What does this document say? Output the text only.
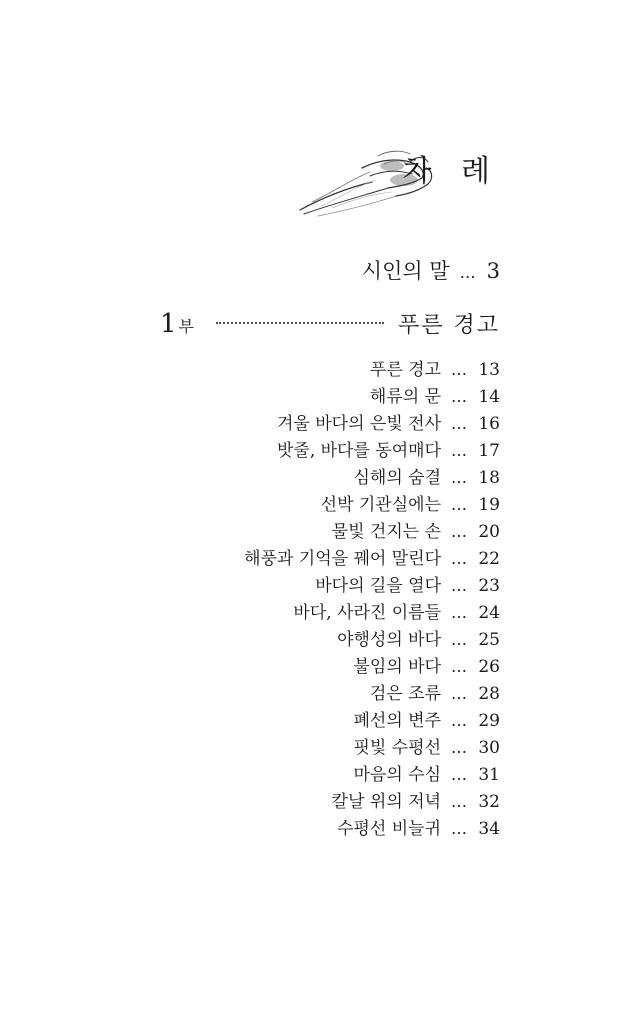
차 례
시인의 말 … 3
1 부	푸른 경고
푸른 경고 … 13
해류의 문 … 14
겨울 바다의 은빛 전사 … 16
밧줄, 바다를 동여매다 … 17
심해의 숨결 … 18
선박 기관실에는 … 19
물빛 건지는 손 … 20
해풍과 기억을 꿰어 말린다 … 22
바다의 길을 열다 … 23
바다, 사라진 이름들 … 24
야행성의 바다 … 25
불임의 바다 … 26
검은 조류 … 28
폐선의 변주 … 29
핏빛 수평선 … 30
마음의 수심 … 31
칼날 위의 저녁 … 32
수평선 비늘귀 … 34
